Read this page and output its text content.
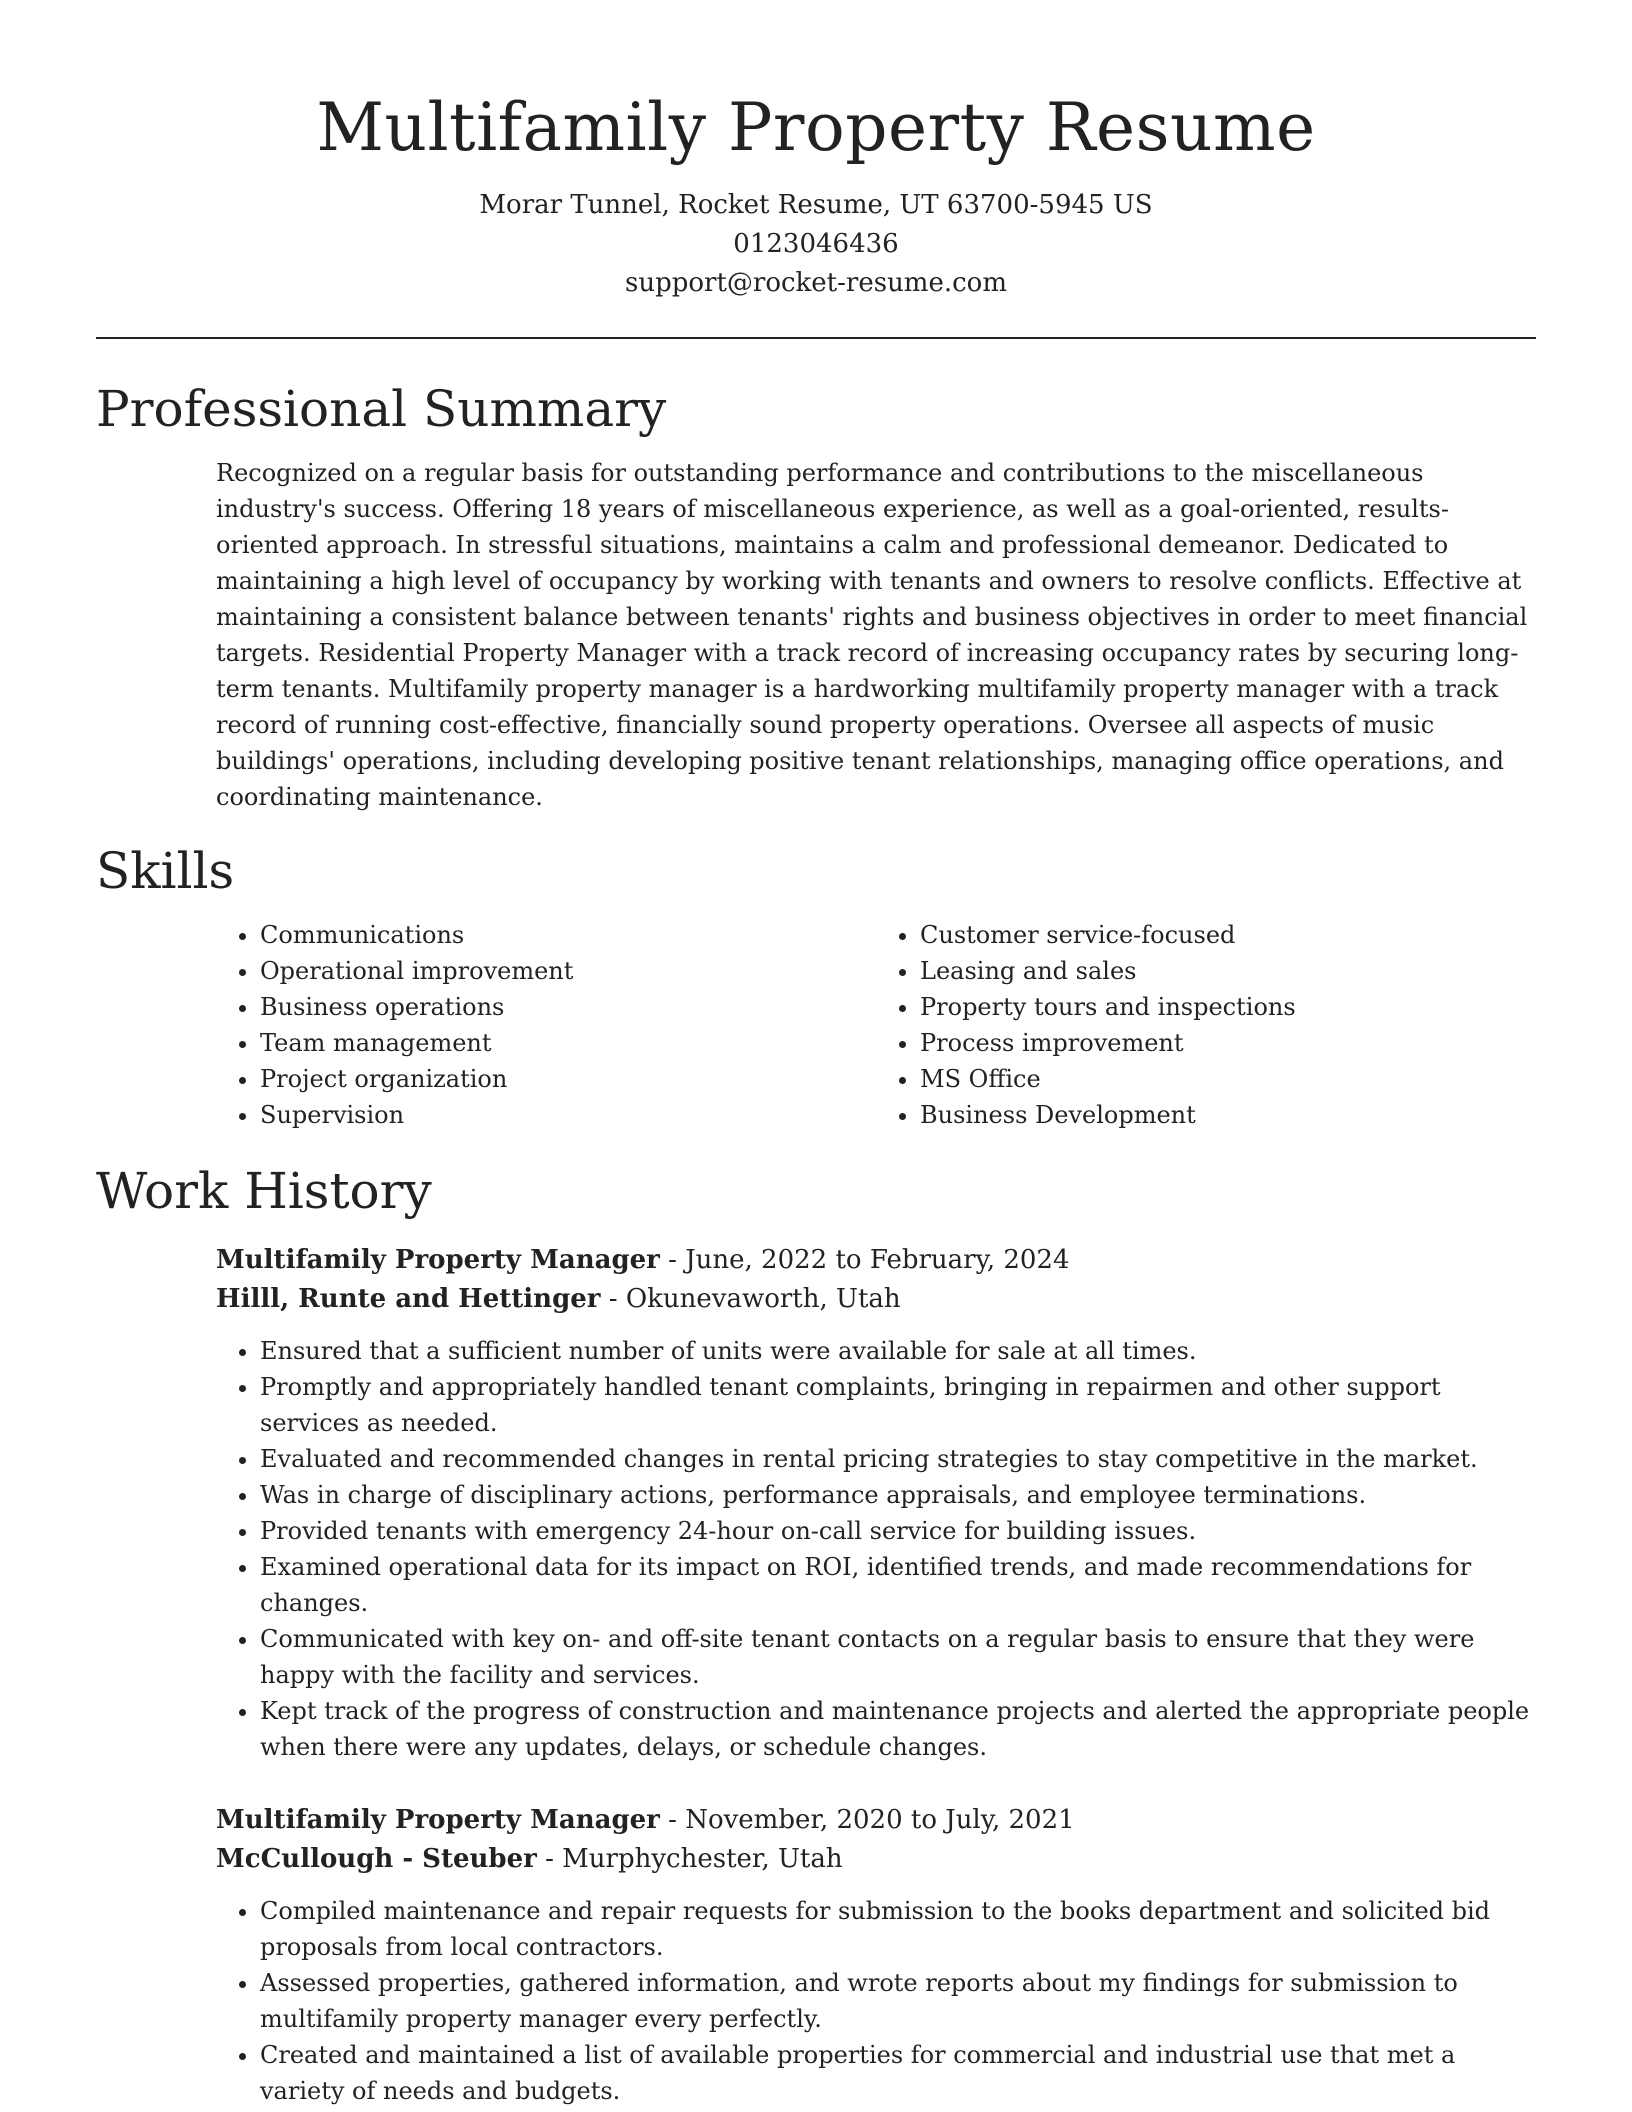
Multifamily Property Resume

Morar Tunnel, Rocket Resume, UT 63700-5945 US

0123046436

support@rocket-resume.com

Professional Summary

Recognized on a regular basis for outstanding performance and contributions to the miscellaneous industry's success. Offering 18 years of miscellaneous experience, as well as a goal-oriented, results-oriented approach. In stressful situations, maintains a calm and professional demeanor. Dedicated to maintaining a high level of occupancy by working with tenants and owners to resolve conflicts. Effective at maintaining a consistent balance between tenants' rights and business objectives in order to meet financial targets. Residential Property Manager with a track record of increasing occupancy rates by securing long-term tenants. Multifamily property manager is a hardworking multifamily property manager with a track record of running cost-effective, financially sound property operations. Oversee all aspects of music buildings' operations, including developing positive tenant relationships, managing office operations, and coordinating maintenance.

Skills
• Communications
• Operational improvement
• Business operations
• Team management
• Project organization
• Supervision
• Customer service-focused
• Leasing and sales
• Property tours and inspections
• Process improvement
• MS Office
• Business Development
Work History

Multifamily Property Manager - June, 2022 to February, 2024

Hilll, Runte and Hettinger - Okunevaworth, Utah

• Ensured that a sufficient number of units were available for sale at all times.
• Promptly and appropriately handled tenant complaints, bringing in repairmen and other support services as needed.
• Evaluated and recommended changes in rental pricing strategies to stay competitive in the market.
• Was in charge of disciplinary actions, performance appraisals, and employee terminations.
• Provided tenants with emergency 24-hour on-call service for building issues.
• Examined operational data for its impact on ROI, identified trends, and made recommendations for changes.
• Communicated with key on- and off-site tenant contacts on a regular basis to ensure that they were happy with the facility and services.
• Kept track of the progress of construction and maintenance projects and alerted the appropriate people when there were any updates, delays, or schedule changes.

Multifamily Property Manager - November, 2020 to July, 2021

McCullough - Steuber - Murphychester, Utah

• Compiled maintenance and repair requests for submission to the books department and solicited bid proposals from local contractors.
• Assessed properties, gathered information, and wrote reports about my findings for submission to multifamily property manager every perfectly.
• Created and maintained a list of available properties for commercial and industrial use that met a variety of needs and budgets.
